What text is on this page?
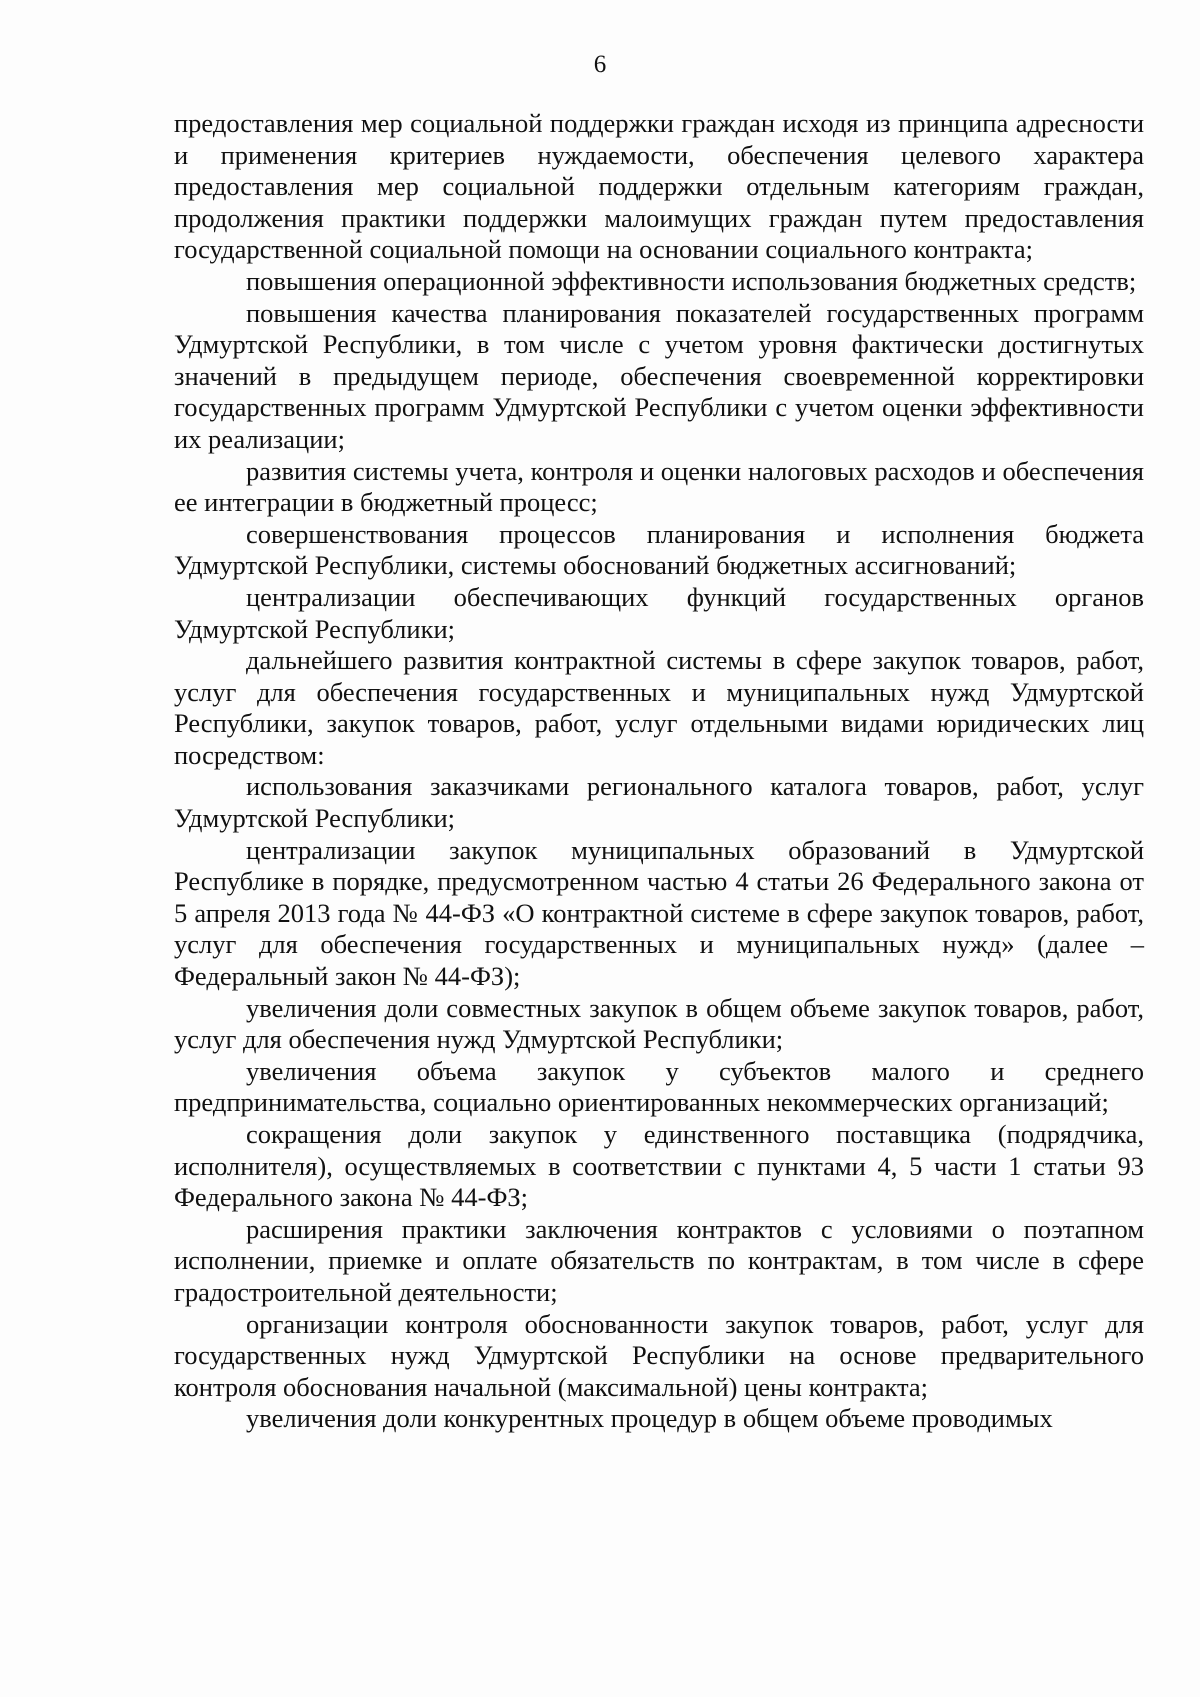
6

предоставления мер социальной поддержки граждан исходя из принципа адресности и применения критериев нуждаемости, обеспечения целевого характера предоставления мер социальной поддержки отдельным категориям граждан, продолжения практики поддержки малоимущих граждан путем предоставления государственной социальной помощи на основании социального контракта;

повышения операционной эффективности использования бюджетных средств;

повышения качества планирования показателей государственных программ Удмуртской Республики, в том числе с учетом уровня фактически достигнутых значений в предыдущем периоде, обеспечения своевременной корректировки государственных программ Удмуртской Республики с учетом оценки эффективности их реализации;

развития системы учета, контроля и оценки налоговых расходов и обеспечения ее интеграции в бюджетный процесс;

совершенствования процессов планирования и исполнения бюджета Удмуртской Республики, системы обоснований бюджетных ассигнований;

централизации обеспечивающих функций государственных органов Удмуртской Республики;

дальнейшего развития контрактной системы в сфере закупок товаров, работ, услуг для обеспечения государственных и муниципальных нужд Удмуртской Республики, закупок товаров, работ, услуг отдельными видами юридических лиц посредством:

использования заказчиками регионального каталога товаров, работ, услуг Удмуртской Республики;

централизации закупок муниципальных образований в Удмуртской Республике в порядке, предусмотренном частью 4 статьи 26 Федерального закона от 5 апреля 2013 года № 44-ФЗ «О контрактной системе в сфере закупок товаров, работ, услуг для обеспечения государственных и муниципальных нужд» (далее – Федеральный закон № 44-ФЗ);

увеличения доли совместных закупок в общем объеме закупок товаров, работ, услуг для обеспечения нужд Удмуртской Республики;

увеличения объема закупок у субъектов малого и среднего предпринимательства, социально ориентированных некоммерческих организаций;

сокращения доли закупок у единственного поставщика (подрядчика, исполнителя), осуществляемых в соответствии с пунктами 4, 5 части 1 статьи 93 Федерального закона № 44-ФЗ;

расширения практики заключения контрактов с условиями о поэтапном исполнении, приемке и оплате обязательств по контрактам, в том числе в сфере градостроительной деятельности;

организации контроля обоснованности закупок товаров, работ, услуг для государственных нужд Удмуртской Республики на основе предварительного контроля обоснования начальной (максимальной) цены контракта;

увеличения доли конкурентных процедур в общем объеме проводимых
